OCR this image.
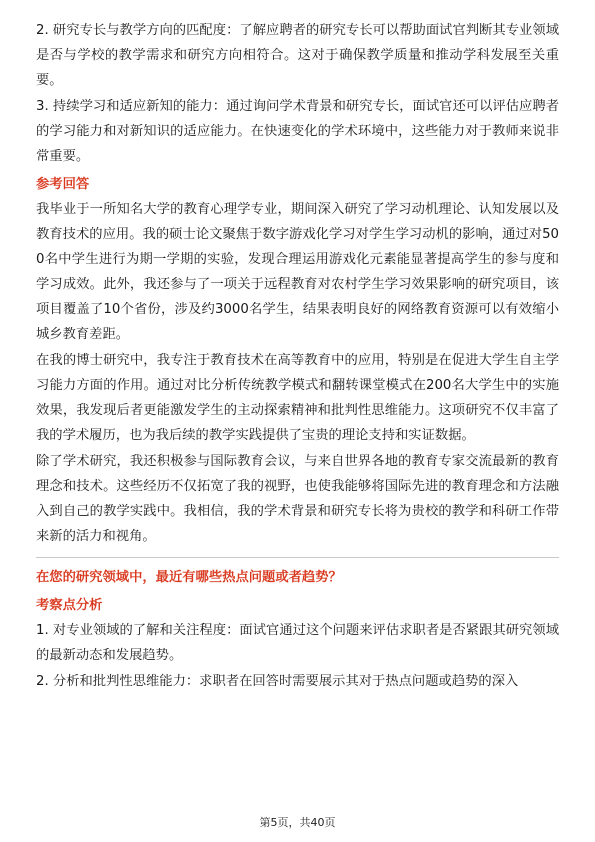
2. 研究专长与教学方向的匹配度：了解应聘者的研究专长可以帮助面试官判断其专业领域是否与学校的教学需求和研究方向相符合。这对于确保教学质量和推动学科发展至关重要。

3. 持续学习和适应新知的能力：通过询问学术背景和研究专长，面试官还可以评估应聘者的学习能力和对新知识的适应能力。在快速变化的学术环境中，这些能力对于教师来说非常重要。

参考回答

我毕业于一所知名大学的教育心理学专业，期间深入研究了学习动机理论、认知发展以及教育技术的应用。我的硕士论文聚焦于数字游戏化学习对学生学习动机的影响，通过对500名中学生进行为期一学期的实验，发现合理运用游戏化元素能显著提高学生的参与度和学习成效。此外，我还参与了一项关于远程教育对农村学生学习效果影响的研究项目，该项目覆盖了10个省份，涉及约3000名学生，结果表明良好的网络教育资源可以有效缩小城乡教育差距。

在我的博士研究中，我专注于教育技术在高等教育中的应用，特别是在促进大学生自主学习能力方面的作用。通过对比分析传统教学模式和翻转课堂模式在200名大学生中的实施效果，我发现后者更能激发学生的主动探索精神和批判性思维能力。这项研究不仅丰富了我的学术履历，也为我后续的教学实践提供了宝贵的理论支持和实证数据。

除了学术研究，我还积极参与国际教育会议，与来自世界各地的教育专家交流最新的教育理念和技术。这些经历不仅拓宽了我的视野，也使我能够将国际先进的教育理念和方法融入到自己的教学实践中。我相信，我的学术背景和研究专长将为贵校的教学和科研工作带来新的活力和视角。

在您的研究领域中，最近有哪些热点问题或者趋势？
考察点分析

1. 对专业领域的了解和关注程度：面试官通过这个问题来评估求职者是否紧跟其研究领域的最新动态和发展趋势。

2. 分析和批判性思维能力：求职者在回答时需要展示其对于热点问题或趋势的深入

第5页，共40页
